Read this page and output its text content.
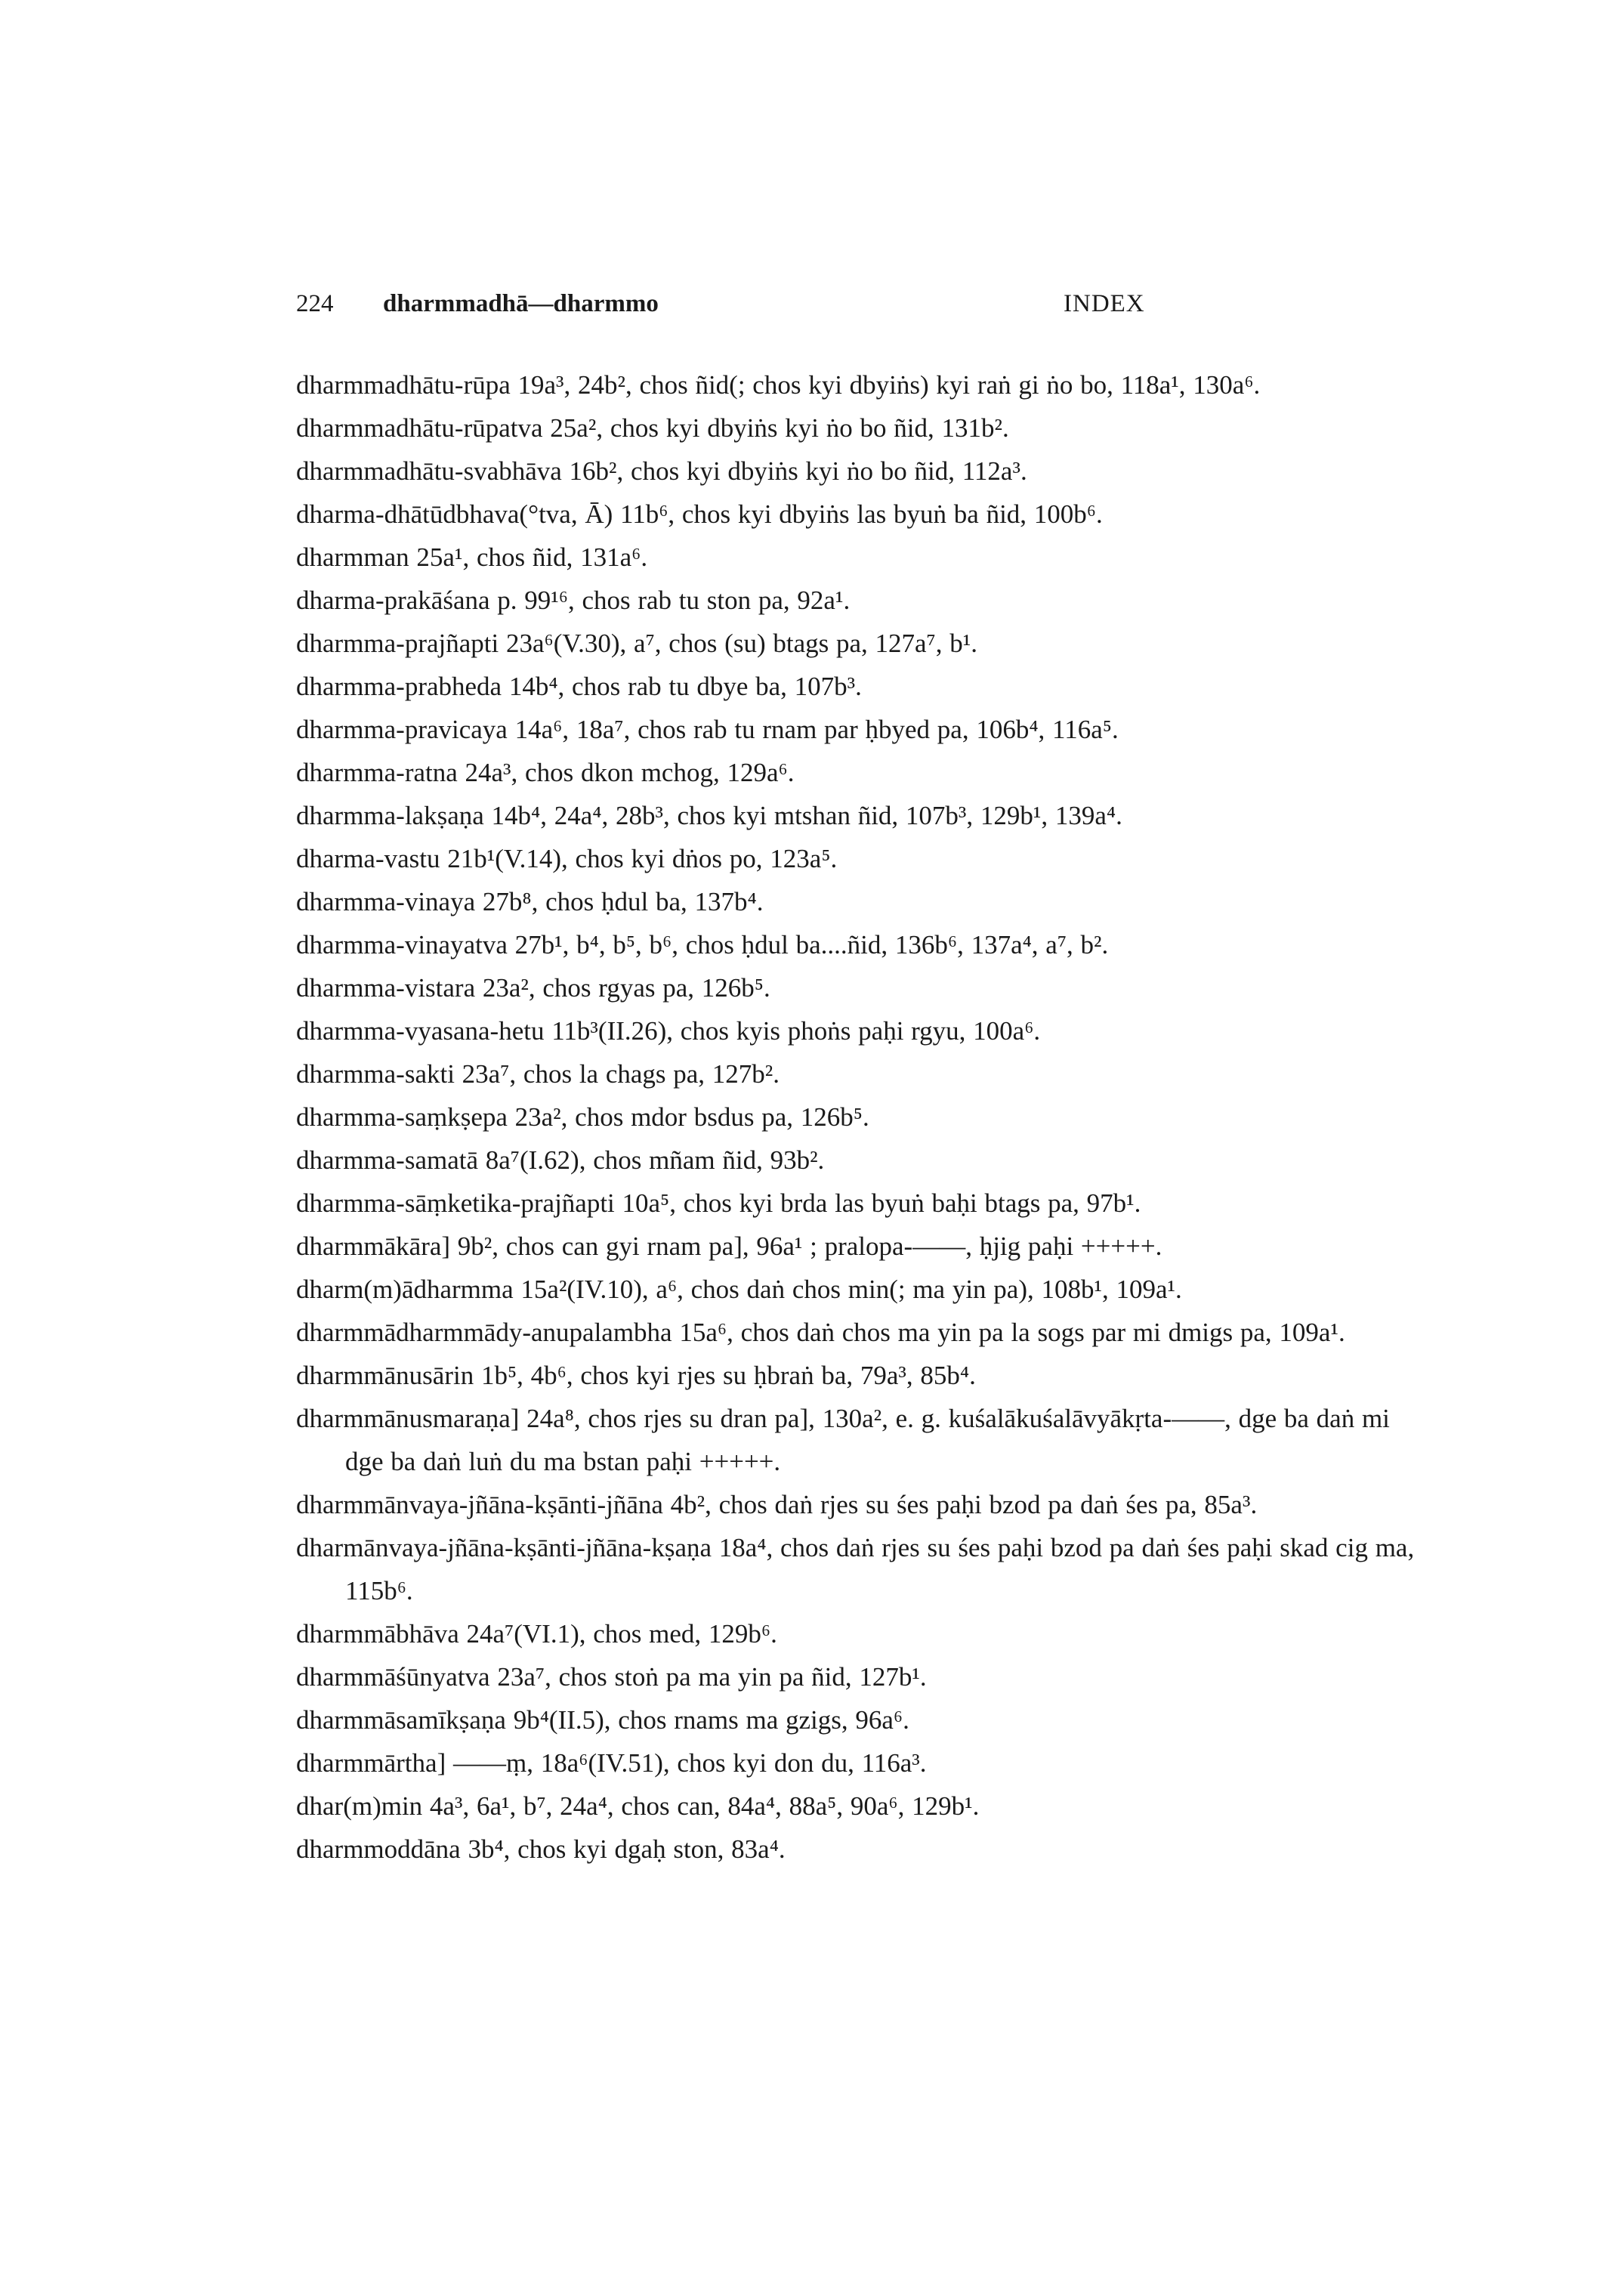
224 dharmmadhā—dharmmo	INDEX
dharmmadhātu-rūpa 19a³, 24b², chos ñid(; chos kyi dbyiṅs) kyi raṅ gi ṅo bo, 118a¹, 130a⁶.
dharmmadhātu-rūpatva 25a², chos kyi dbyiṅs kyi ṅo bo ñid, 131b².
dharmmadhātu-svabhāva 16b², chos kyi dbyiṅs kyi ṅo bo ñid, 112a³.
dharma-dhātūdbhava(°tva, Ā) 11b⁶, chos kyi dbyiṅs las byuṅ ba ñid, 100b⁶.
dharmman 25a¹, chos ñid, 131a⁶.
dharma-prakāśana p. 99¹⁶, chos rab tu ston pa, 92a¹.
dharmma-prajñapti 23a⁶(V.30), a⁷, chos (su) btags pa, 127a⁷, b¹.
dharmma-prabheda 14b⁴, chos rab tu dbye ba, 107b³.
dharmma-pravicaya 14a⁶, 18a⁷, chos rab tu rnam par ḥbyed pa, 106b⁴, 116a⁵.
dharmma-ratna 24a³, chos dkon mchog, 129a⁶.
dharmma-lakṣaṇa 14b⁴, 24a⁴, 28b³, chos kyi mtshan ñid, 107b³, 129b¹, 139a⁴.
dharma-vastu 21b¹(V.14), chos kyi dṅos po, 123a⁵.
dharmma-vinaya 27b⁸, chos ḥdul ba, 137b⁴.
dharmma-vinayatva 27b¹, b⁴, b⁵, b⁶, chos ḥdul ba....ñid, 136b⁶, 137a⁴, a⁷, b².
dharmma-vistara 23a², chos rgyas pa, 126b⁵.
dharmma-vyasana-hetu 11b³(II.26), chos kyis phoṅs paḥi rgyu, 100a⁶.
dharmma-sakti 23a⁷, chos la chags pa, 127b².
dharmma-saṃkṣepa 23a², chos mdor bsdus pa, 126b⁵.
dharmma-samatā 8a⁷(I.62), chos mñam ñid, 93b².
dharmma-sāṃketika-prajñapti 10a⁵, chos kyi brda las byuṅ baḥi btags pa, 97b¹.
dharmmākāra] 9b², chos can gyi rnam pa], 96a¹ ; pralopa-——, ḥjig paḥi +++++.
dharm(m)ādharmma 15a²(IV.10), a⁶, chos daṅ chos min(; ma yin pa), 108b¹, 109a¹.
dharmmādharmmādy-anupalambha 15a⁶, chos daṅ chos ma yin pa la sogs par mi dmigs pa, 109a¹.
dharmmānusārin 1b⁵, 4b⁶, chos kyi rjes su ḥbraṅ ba, 79a³, 85b⁴.
dharmmānusmaraṇa] 24a⁸, chos rjes su dran pa], 130a², e. g. kuśalākuśalāvyākṛta-——, dge ba daṅ mi dge ba daṅ luṅ du ma bstan paḥi +++++.
dharmmānvaya-jñāna-kṣānti-jñāna 4b², chos daṅ rjes su śes paḥi bzod pa daṅ śes pa, 85a³.
dharmānvaya-jñāna-kṣānti-jñāna-kṣaṇa 18a⁴, chos daṅ rjes su śes paḥi bzod pa daṅ śes paḥi skad cig ma, 115b⁶.
dharmmābhāva 24a⁷(VI.1), chos med, 129b⁶.
dharmmāśūnyatva 23a⁷, chos stoṅ pa ma yin pa ñid, 127b¹.
dharmmāsamīkṣaṇa 9b⁴(II.5), chos rnams ma gzigs, 96a⁶.
dharmmārtha] ——ṃ, 18a⁶(IV.51), chos kyi don du, 116a³.
dhar(m)min 4a³, 6a¹, b⁷, 24a⁴, chos can, 84a⁴, 88a⁵, 90a⁶, 129b¹.
dharmmoddāna 3b⁴, chos kyi dgaḥ ston, 83a⁴.
